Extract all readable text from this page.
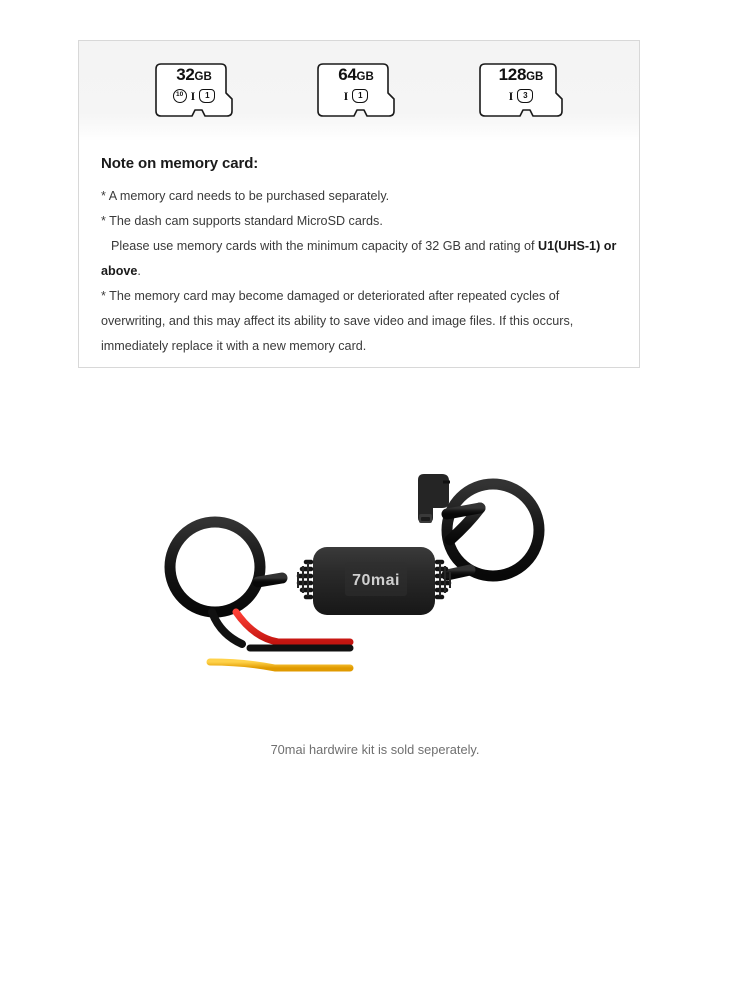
32GB
10 I	1
64GB
I	1
128GB
I	3
Note on memory card:

* A memory card needs to be purchased separately.

* The dash cam supports standard MicroSD cards.

Please use memory cards with the minimum capacity of 32 GB and rating of U1(UHS-1) or above.

* The memory card may become damaged or deteriorated after repeated cycles of overwriting, and this may affect its ability to save video and image files. If this occurs, immediately replace it with a new memory card.

70mai
70mai hardwire kit is sold seperately.
